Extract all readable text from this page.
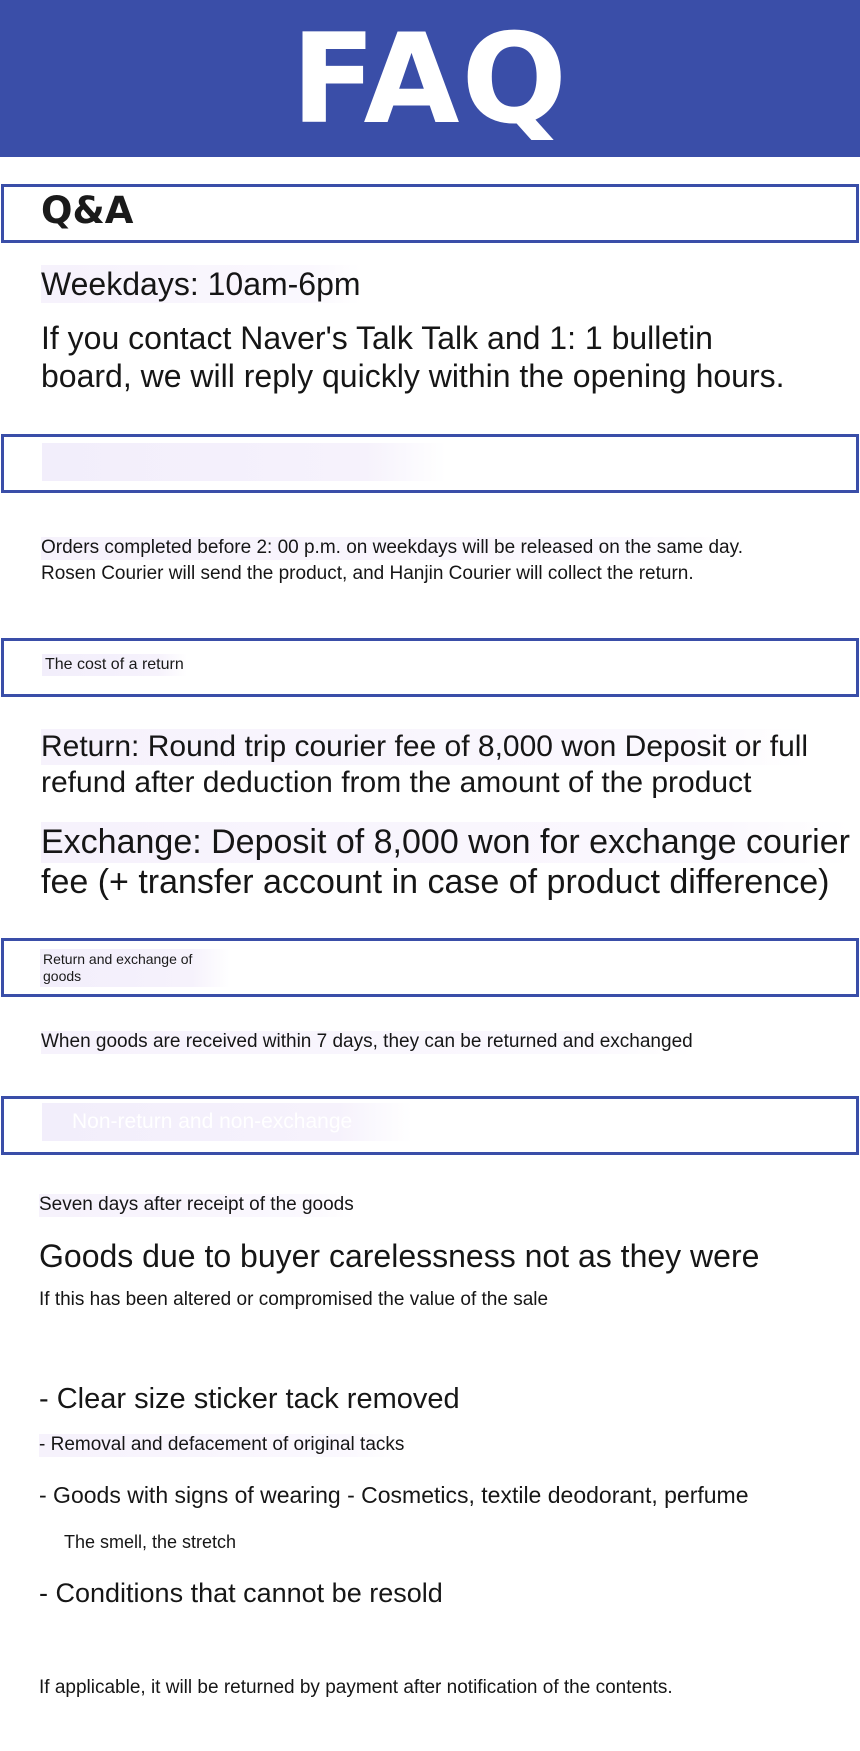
FAQ
Q&A
Weekdays: 10am-6pm
If you contact Naver's Talk Talk and 1: 1 bulletin
board, we will reply quickly within the opening hours.
Orders completed before 2: 00 p.m. on weekdays will be released on the same day.
Rosen Courier will send the product, and Hanjin Courier will collect the return.
The cost of a return
Return: Round trip courier fee of 8,000 won Deposit or full
refund after deduction from the amount of the product
Exchange: Deposit of 8,000 won for exchange courier
fee (+ transfer account in case of product difference)
Return and exchange of
goods
When goods are received within 7 days, they can be returned and exchanged
Non-return and non-exchange
Seven days after receipt of the goods
Goods due to buyer carelessness not as they were
If this has been altered or compromised the value of the sale
- Clear size sticker tack removed
- Removal and defacement of original tacks
- Goods with signs of wearing - Cosmetics, textile deodorant, perfume
The smell, the stretch
- Conditions that cannot be resold
If applicable, it will be returned by payment after notification of the contents.
